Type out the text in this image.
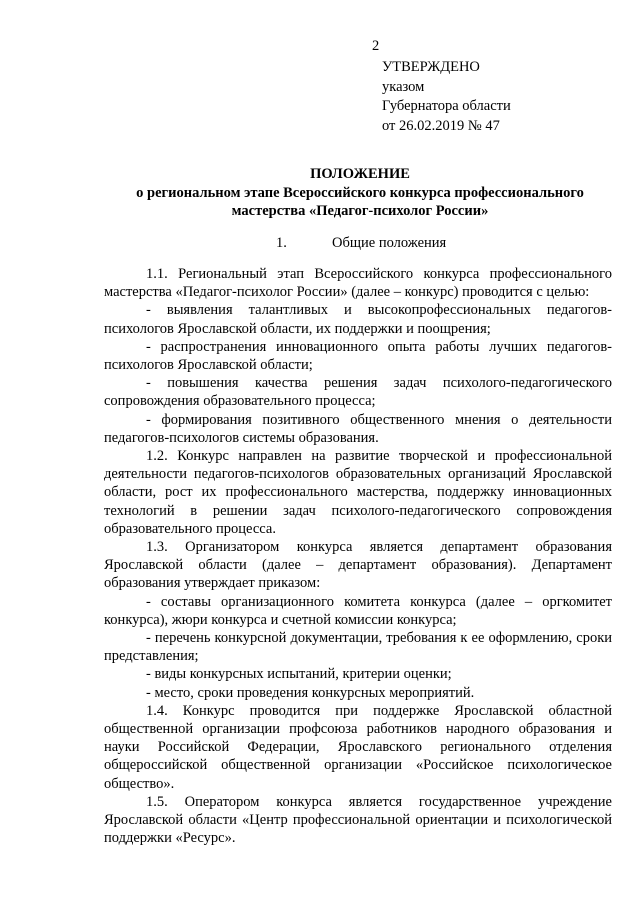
2
УТВЕРЖДЕНО
указом
Губернатора области
от 26.02.2019 № 47
ПОЛОЖЕНИЕ
о региональном этапе Всероссийского конкурса профессионального
мастерства «Педагог-психолог России»
1.	Общие положения

1.1. Региональный этап Всероссийского конкурса профессионального мастерства «Педагог-психолог России» (далее – конкурс) проводится с целью:

- выявления талантливых и высокопрофессиональных педагогов-психологов Ярославской области, их поддержки и поощрения;

- распространения инновационного опыта работы лучших педагогов-психологов Ярославской области;

- повышения качества решения задач психолого-педагогического сопровождения образовательного процесса;

- формирования позитивного общественного мнения о деятельности педагогов-психологов системы образования.

1.2. Конкурс направлен на развитие творческой и профессиональной деятельности педагогов-психологов образовательных организаций Ярославской области, рост их профессионального мастерства, поддержку инновационных технологий в решении задач психолого-педагогического сопровождения образовательного процесса.

1.3. Организатором конкурса является департамент образования Ярославской области (далее – департамент образования). Департамент образования утверждает приказом:

- составы организационного комитета конкурса (далее – оргкомитет конкурса), жюри конкурса и счетной комиссии конкурса;

- перечень конкурсной документации, требования к ее оформлению, сроки представления;

- виды конкурсных испытаний, критерии оценки;

- место, сроки проведения конкурсных мероприятий.

1.4. Конкурс проводится при поддержке Ярославской областной общественной организации профсоюза работников народного образования и науки Российской Федерации, Ярославского регионального отделения общероссийской общественной организации «Российское психологическое общество».

1.5. Оператором конкурса является государственное учреждение Ярославской области «Центр профессиональной ориентации и психологической поддержки «Ресурс».
